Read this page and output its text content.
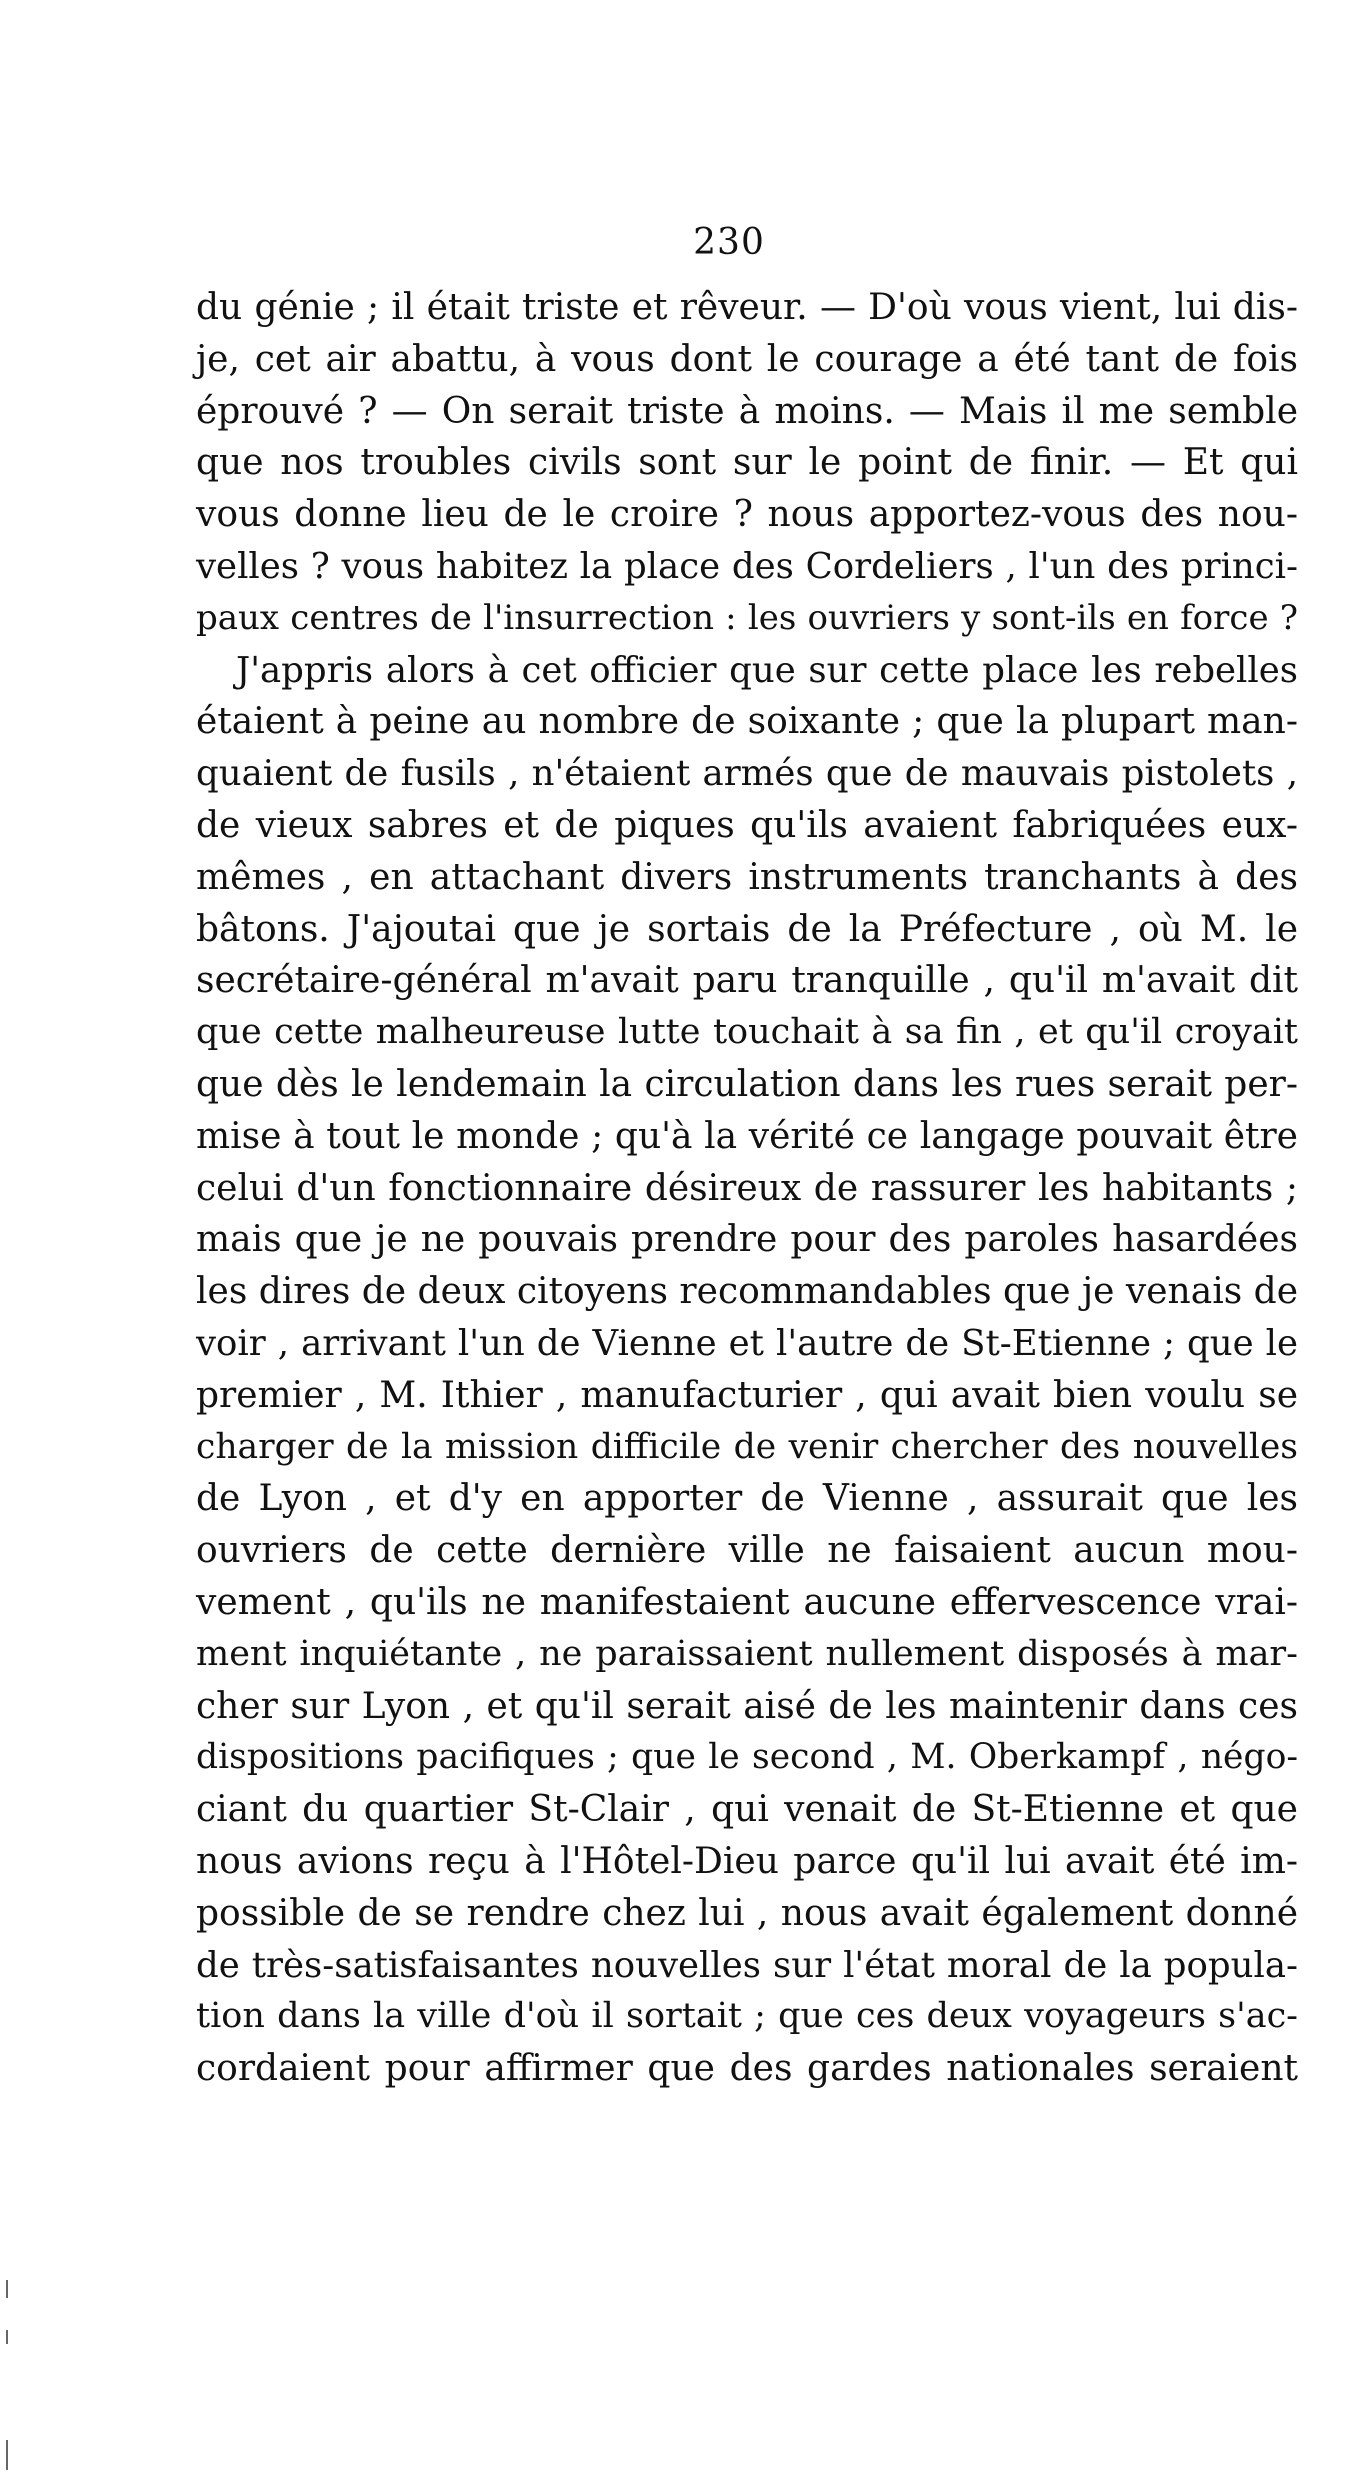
230
du génie ; il était triste et rêveur. — D'où vous vient, lui dis-
je, cet air abattu, à vous dont le courage a été tant de fois
éprouvé ? — On serait triste à moins. — Mais il me semble
que nos troubles civils sont sur le point de finir. — Et qui
vous donne lieu de le croire ? nous apportez-vous des nou-
velles ? vous habitez la place des Cordeliers , l'un des princi-
paux centres de l'insurrection : les ouvriers y sont-ils en force ?
J'appris alors à cet officier que sur cette place les rebelles
étaient à peine au nombre de soixante ; que la plupart man-
quaient de fusils , n'étaient armés que de mauvais pistolets ,
de vieux sabres et de piques qu'ils avaient fabriquées eux-
mêmes , en attachant divers instruments tranchants à des
bâtons. J'ajoutai que je sortais de la Préfecture , où M. le
secrétaire-général m'avait paru tranquille , qu'il m'avait dit
que cette malheureuse lutte touchait à sa fin , et qu'il croyait
que dès le lendemain la circulation dans les rues serait per-
mise à tout le monde ; qu'à la vérité ce langage pouvait être
celui d'un fonctionnaire désireux de rassurer les habitants ;
mais que je ne pouvais prendre pour des paroles hasardées
les dires de deux citoyens recommandables que je venais de
voir , arrivant l'un de Vienne et l'autre de St-Etienne ; que le
premier , M. Ithier , manufacturier , qui avait bien voulu se
charger de la mission difficile de venir chercher des nouvelles
de Lyon , et d'y en apporter de Vienne , assurait que les
ouvriers de cette dernière ville ne faisaient aucun mou-
vement , qu'ils ne manifestaient aucune effervescence vrai-
ment inquiétante , ne paraissaient nullement disposés à mar-
cher sur Lyon , et qu'il serait aisé de les maintenir dans ces
dispositions pacifiques ; que le second , M. Oberkampf , négo-
ciant du quartier St-Clair , qui venait de St-Etienne et que
nous avions reçu à l'Hôtel-Dieu parce qu'il lui avait été im-
possible de se rendre chez lui , nous avait également donné
de très-satisfaisantes nouvelles sur l'état moral de la popula-
tion dans la ville d'où il sortait ; que ces deux voyageurs s'ac-
cordaient pour affirmer que des gardes nationales seraient
